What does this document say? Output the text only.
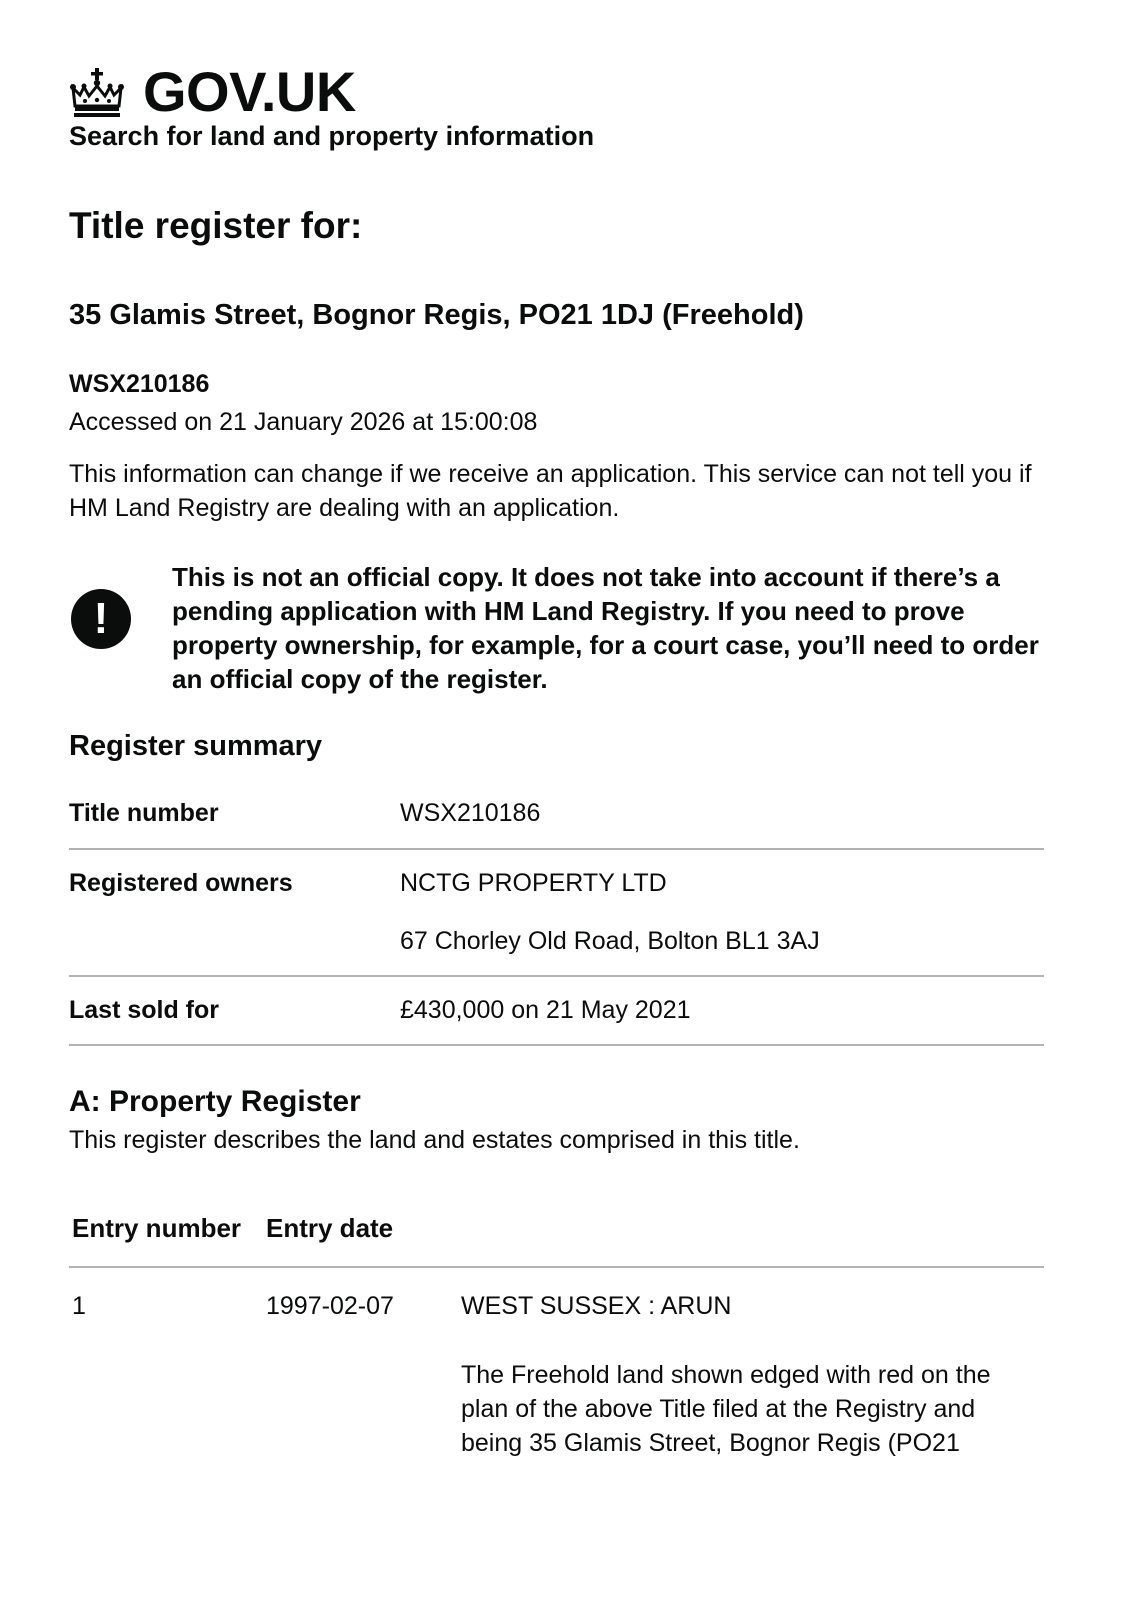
GOV.UK
Search for land and property information
Title register for:
35 Glamis Street, Bognor Regis, PO21 1DJ (Freehold)
WSX210186
Accessed on 21 January 2026 at 15:00:08

This information can change if we receive an application. This service can not tell you if HM Land Registry are dealing with an application.

!
This is not an official copy. It does not take into account if there’s a pending application with HM Land Registry. If you need to prove property ownership, for example, for a court case, you’ll need to order an official copy of the register.
Register summary
Title number	WSX210186
Registered owners	NCTG PROPERTY LTD
67 Chorley Old Road, Bolton BL1 3AJ
Last sold for	£430,000 on 21 May 2021
A: Property Register
This register describes the land and estates comprised in this title.
Entry number Entry date
1	1997-02-07	WEST SUSSEX : ARUN
The Freehold land shown edged with red on the plan of the above Title filed at the Registry and being 35 Glamis Street, Bognor Regis (PO21
